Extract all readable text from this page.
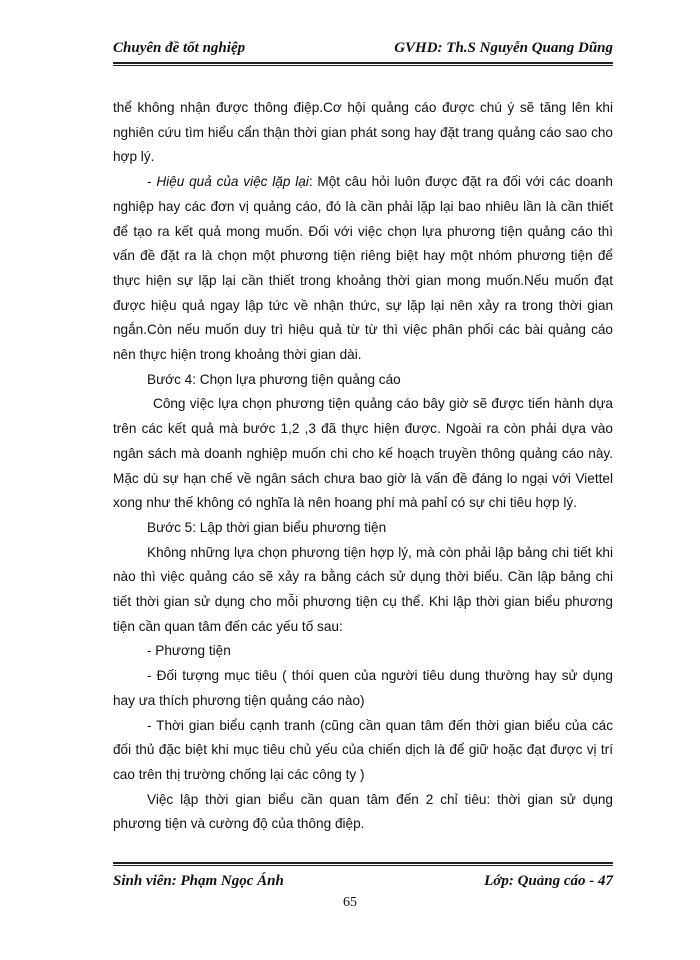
Chuyên đề tốt nghiệp	GVHD: Th.S Nguyễn Quang Dũng

thể không nhận được thông điệp.Cơ hội quảng cáo được chú ý sẽ tăng lên khi nghiên cứu tìm hiểu cẩn thận thời gian phát song hay đặt trang quảng cáo sao cho hợp lý.

- Hiệu quả của việc lặp lại: Một câu hỏi luôn được đặt ra đối với các doanh nghiệp hay các đơn vị quảng cáo, đó là cần phải lặp lại bao nhiêu lần là cần thiết để tạo ra kết quả mong muốn. Đối với việc chọn lựa phương tiện quảng cáo thì vấn đề đặt ra là chọn một phương tiện riêng biệt hay một nhóm phương tiện để thực hiện sự lặp lại cần thiết trong khoảng thời gian mong muốn.Nếu muốn đạt được hiệu quả ngay lập tức về nhận thức, sự lặp lại nên xảy ra trong thời gian ngắn.Còn nếu muốn duy trì hiệu quả từ từ thì việc phân phối các bài quảng cáo nên thực hiện trong khoảng thời gian dài.

Bước 4: Chọn lựa phương tiện quảng cáo

Công việc lựa chọn phương tiện quảng cáo bây giờ sẽ được tiến hành dựa trên các kết quả mà bước 1,2 ,3 đã thực hiện được. Ngoài ra còn phải dựa vào ngân sách mà doanh nghiệp muốn chi cho kế hoạch truyền thông quảng cáo này. Mặc dù sự hạn chế về ngân sách chưa bao giờ là vấn đề đáng lo ngại với Viettel xong như thế không có nghĩa là nên hoang phí mà pahỉ có sự chi tiêu hợp lý.

Bước 5: Lập thời gian biểu phương tiện

Không những lựa chọn phương tiện hợp lý, mà còn phải lập bảng chi tiết khi nào thì việc quảng cáo sẽ xảy ra bằng cách sử dụng thời biểu. Cần lập bảng chi tiết thời gian sử dụng cho mỗi phương tiện cụ thể. Khi lập thời gian biểu phương tiện cần quan tâm đến các yếu tố sau:

- Phương tiện

- Đối tượng mục tiêu ( thói quen của người tiêu dung thường hay sử dụng hay ưa thích phương tiện quảng cáo nào)

- Thời gian biểu cạnh tranh (cũng cần quan tâm đến thời gian biểu của các đối thủ đặc biệt khi mục tiêu chủ yếu của chiến dịch là để giữ hoặc đạt được vị trí cao trên thị trường chống lại các công ty )

Việc lập thời gian biểu cần quan tâm đến 2 chỉ tiêu: thời gian sử dụng phương tiện và cường độ của thông điệp.

Sinh viên: Phạm Ngọc Ánh	Lớp: Quảng cáo - 47
65
